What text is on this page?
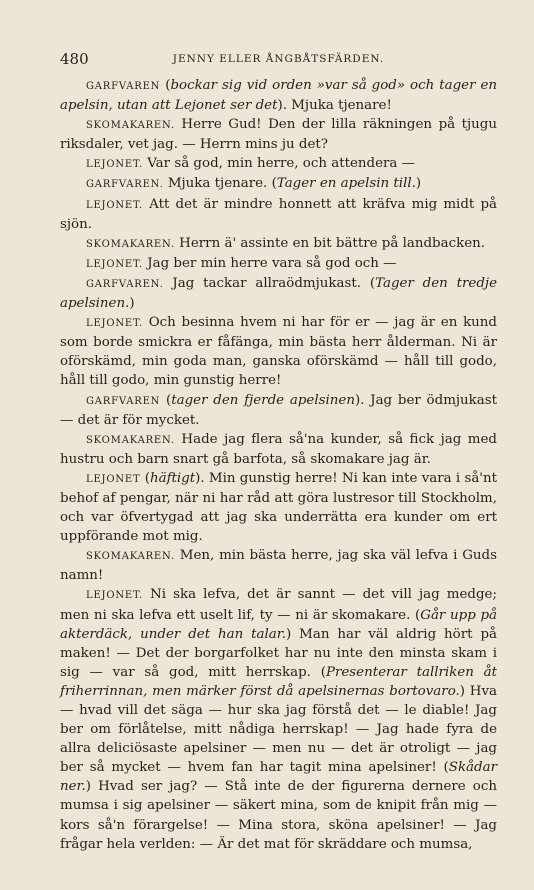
480	JENNY ELLER ÅNGBÅTSFÄRDEN.

GARFVAREN (bockar sig vid orden »var så god» och tager en apelsin, utan att Lejonet ser det). Mjuka tjenare!

SKOMAKAREN. Herre Gud! Den der lilla räkningen på tjugu riksdaler, vet jag. — Herrn mins ju det?

LEJONET. Var så god, min herre, och attendera —

GARFVAREN. Mjuka tjenare. (Tager en apelsin till.)

LEJONET. Att det är mindre honnett att kräfva mig midt på sjön.

SKOMAKAREN. Herrn ä' assinte en bit bättre på landbacken.

LEJONET. Jag ber min herre vara så god och —

GARFVAREN. Jag tackar allraödmjukast. (Tager den tredje apelsinen.)

LEJONET. Och besinna hvem ni har för er — jag är en kund som borde smickra er fåfänga, min bästa herr ålderman. Ni är oförskämd, min goda man, ganska oförskämd — håll till godo, håll till godo, min gunstig herre!

GARFVAREN (tager den fjerde apelsinen). Jag ber ödmjukast — det är för mycket.

SKOMAKAREN. Hade jag flera så'na kunder, så fick jag med hustru och barn snart gå barfota, så skomakare jag är.

LEJONET (häftigt). Min gunstig herre! Ni kan inte vara i så'nt behof af pengar, när ni har råd att göra lustresor till Stockholm, och var öfvertygad att jag ska underrätta era kunder om ert uppförande mot mig.

SKOMAKAREN. Men, min bästa herre, jag ska väl lefva i Guds namn!

LEJONET. Ni ska lefva, det är sannt — det vill jag medge; men ni ska lefva ett uselt lif, ty — ni är skomakare. (Går upp på akterdäck, under det han talar.) Man har väl aldrig hört på maken! — Det der borgarfolket har nu inte den minsta skam i sig — var så god, mitt herrskap. (Presenterar tallriken åt friherrinnan, men märker först då apelsinernas bortovaro.) Hva — hvad vill det säga — hur ska jag förstå det — le diable! Jag ber om förlåtelse, mitt nådiga herrskap! — Jag hade fyra de allra deliciösaste apelsiner — men nu — det är otroligt — jag ber så mycket — hvem fan har tagit mina apelsiner! (Skådar ner.) Hvad ser jag? — Stå inte de der figurerna dernere och mumsa i sig apelsiner — säkert mina, som de knipit från mig — kors så'n förargelse! — Mina stora, sköna apelsiner! — Jag frågar hela verlden: — Är det mat för skräddare och mumsa,
